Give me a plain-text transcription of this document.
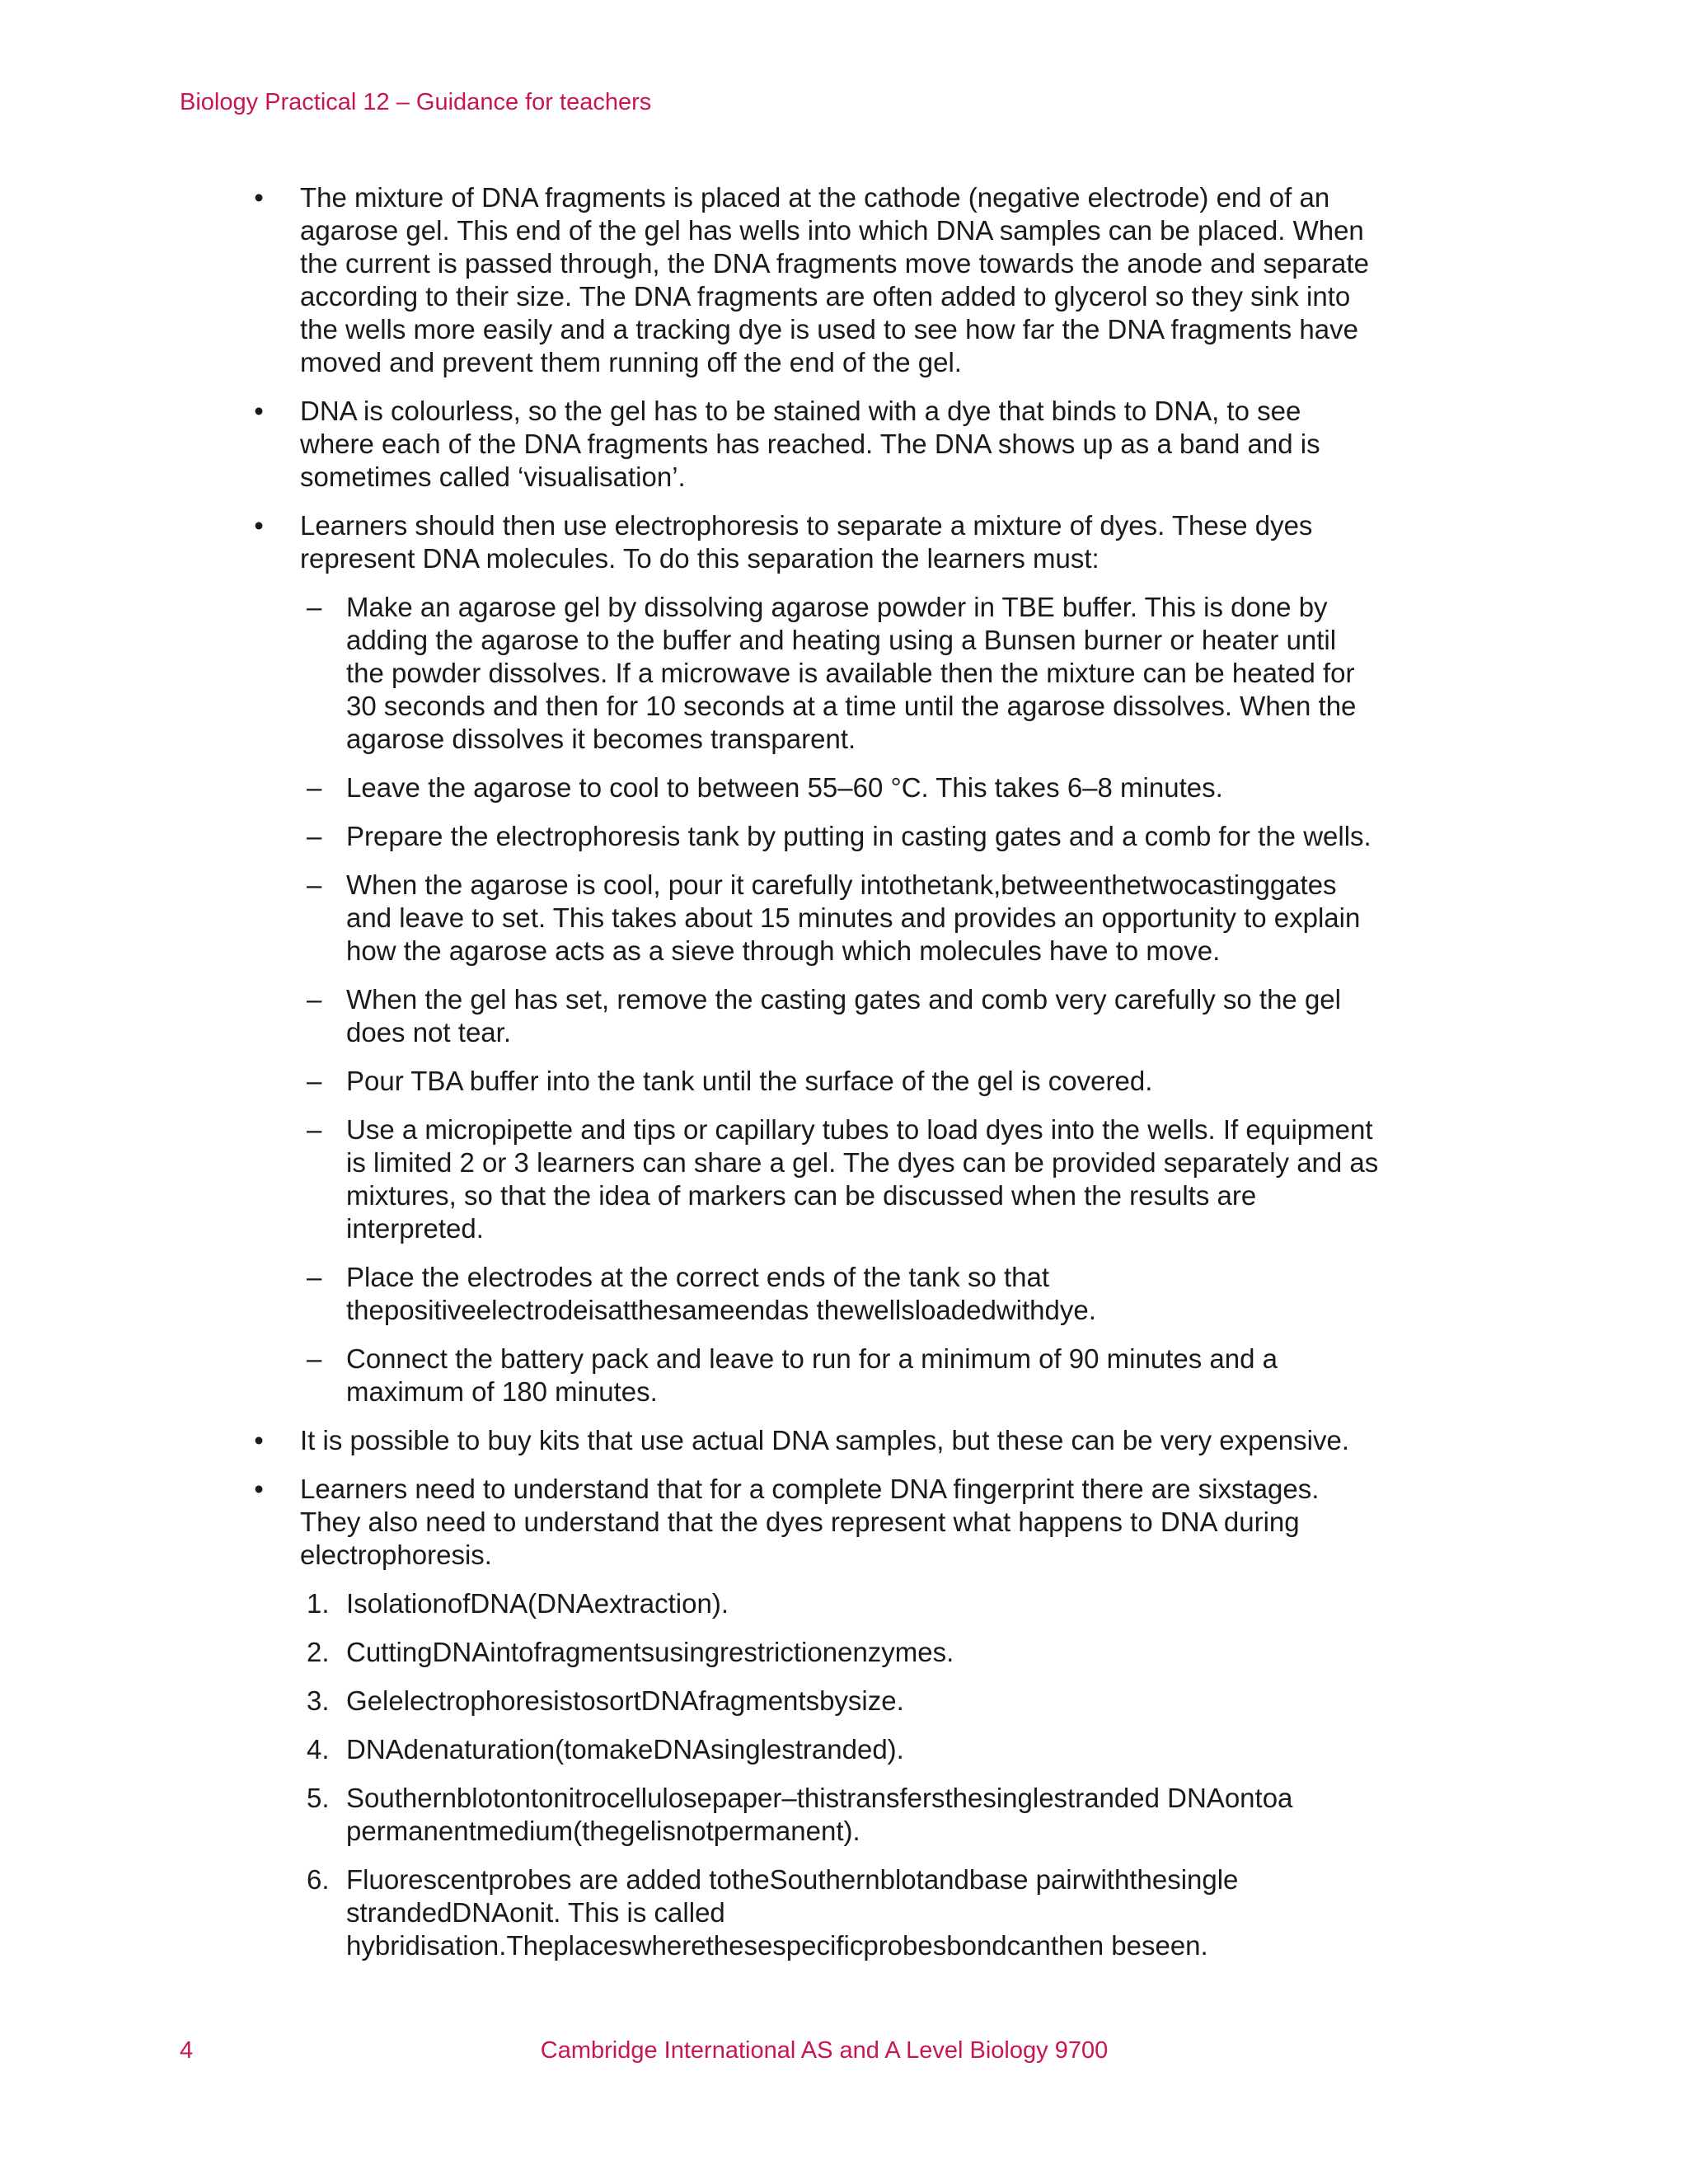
Biology Practical 12 – Guidance for teachers
• The mixture of DNA fragments is placed at the cathode (negative electrode) end of an
agarose gel. This end of the gel has wells into which DNA samples can be placed. When
the current is passed through, the DNA fragments move towards the anode and separate
according to their size. The DNA fragments are often added to glycerol so they sink into
the wells more easily and a tracking dye is used to see how far the DNA fragments have
moved and prevent them running off the end of the gel.
• DNA is colourless, so the gel has to be stained with a dye that binds to DNA, to see
where each of the DNA fragments has reached. The DNA shows up as a band and is
sometimes called ‘visualisation’.
• Learners should then use electrophoresis to separate a mixture of dyes. These dyes
represent DNA molecules. To do this separation the learners must:
– Make an agarose gel by dissolving agarose powder in TBE buffer. This is done by
adding the agarose to the buffer and heating using a Bunsen burner or heater until
the powder dissolves. If a microwave is available then the mixture can be heated for
30 seconds and then for 10 seconds at a time until the agarose dissolves. When the
agarose dissolves it becomes transparent.
– Leave the agarose to cool to between 55–60 °C. This takes 6–8 minutes.
– Prepare the electrophoresis tank by putting in casting gates and a comb for the wells.
– When the agarose is cool, pour it carefully intothetank,betweenthetwocastinggates
and leave to set. This takes about 15 minutes and provides an opportunity to explain
how the agarose acts as a sieve through which molecules have to move.
– When the gel has set, remove the casting gates and comb very carefully so the gel
does not tear.
– Pour TBA buffer into the tank until the surface of the gel is covered.
– Use a micropipette and tips or capillary tubes to load dyes into the wells. If equipment
is limited 2 or 3 learners can share a gel. The dyes can be provided separately and as
mixtures, so that the idea of markers can be discussed when the results are
interpreted.
– Place the electrodes at the correct ends of the tank so that
thepositiveelectrodeisatthesameendas thewellsloadedwithdye.
– Connect the battery pack and leave to run for a minimum of 90 minutes and a
maximum of 180 minutes.
• It is possible to buy kits that use actual DNA samples, but these can be very expensive.
• Learners need to understand that for a complete DNA fingerprint there are sixstages.
They also need to understand that the dyes represent what happens to DNA during
electrophoresis.
1. IsolationofDNA(DNAextraction).
2. CuttingDNAintofragmentsusingrestrictionenzymes.
3. GelelectrophoresistosortDNAfragmentsbysize.
4. DNAdenaturation(tomakeDNAsinglestranded).
5. Southernblotontonitrocellulosepaper–thistransfersthesinglestranded DNAontoa
permanentmedium(thegelisnotpermanent).
6. Fluorescentprobes are added totheSouthernblotandbase pairwiththesingle
strandedDNAonit. This is called
hybridisation.Theplaceswherethesespecificprobesbondcanthen beseen.
4	Cambridge International AS and A Level Biology 9700
